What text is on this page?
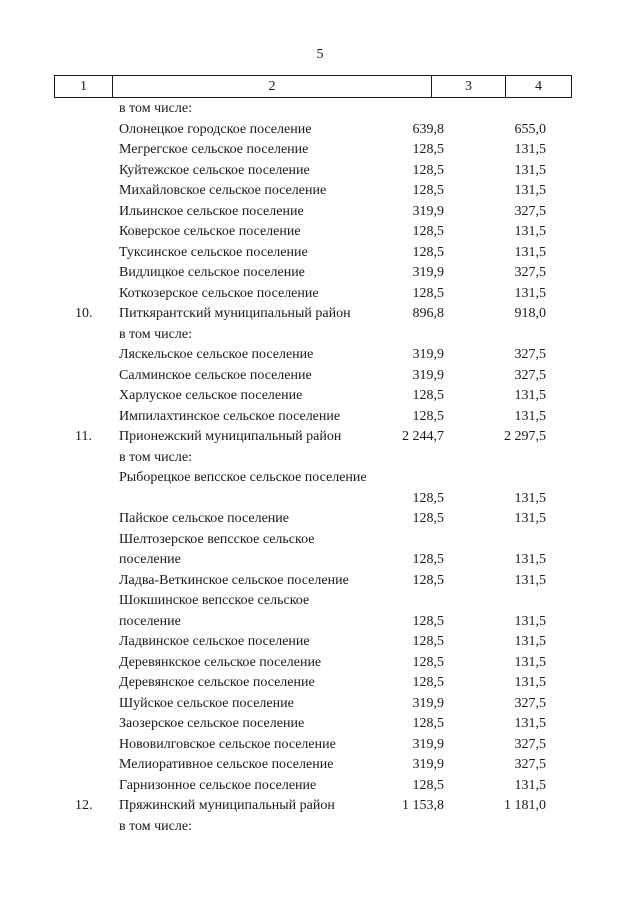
5
1	2	3	4
в том числе:
Олонецкое городское поселение	639,8	655,0
Мегрегское сельское поселение	128,5	131,5
Куйтежское сельское поселение	128,5	131,5
Михайловское сельское поселение	128,5	131,5
Ильинское сельское поселение	319,9	327,5
Коверское сельское поселение	128,5	131,5
Туксинское сельское поселение	128,5	131,5
Видлицкое сельское поселение	319,9	327,5
Коткозерское сельское поселение	128,5	131,5
10. Питкярантский муниципальный район	896,8	918,0
в том числе:
Ляскельское сельское поселение	319,9	327,5
Салминское сельское поселение	319,9	327,5
Харлуское сельское поселение	128,5	131,5
Импилахтинское сельское поселение	128,5	131,5
11. Прионежский муниципальный район	2 244,7	2 297,5
в том числе:
Рыборецкое вепсское сельское поселение
128,5	131,5
Пайское сельское поселение	128,5	131,5
Шелтозерское вепсское сельское поселение	128,5	131,5
Ладва-Веткинское сельское поселение	128,5	131,5
Шокшинское вепсское сельское поселение	128,5	131,5
Ладвинское сельское поселение	128,5	131,5
Деревянкское сельское поселение	128,5	131,5
Деревянское сельское поселение	128,5	131,5
Шуйское сельское поселение	319,9	327,5
Заозерское сельское поселение	128,5	131,5
Нововилговское сельское поселение	319,9	327,5
Мелиоративное сельское поселение	319,9	327,5
Гарнизонное сельское поселение	128,5	131,5
12. Пряжинский муниципальный район	1 153,8	1 181,0
в том числе:
